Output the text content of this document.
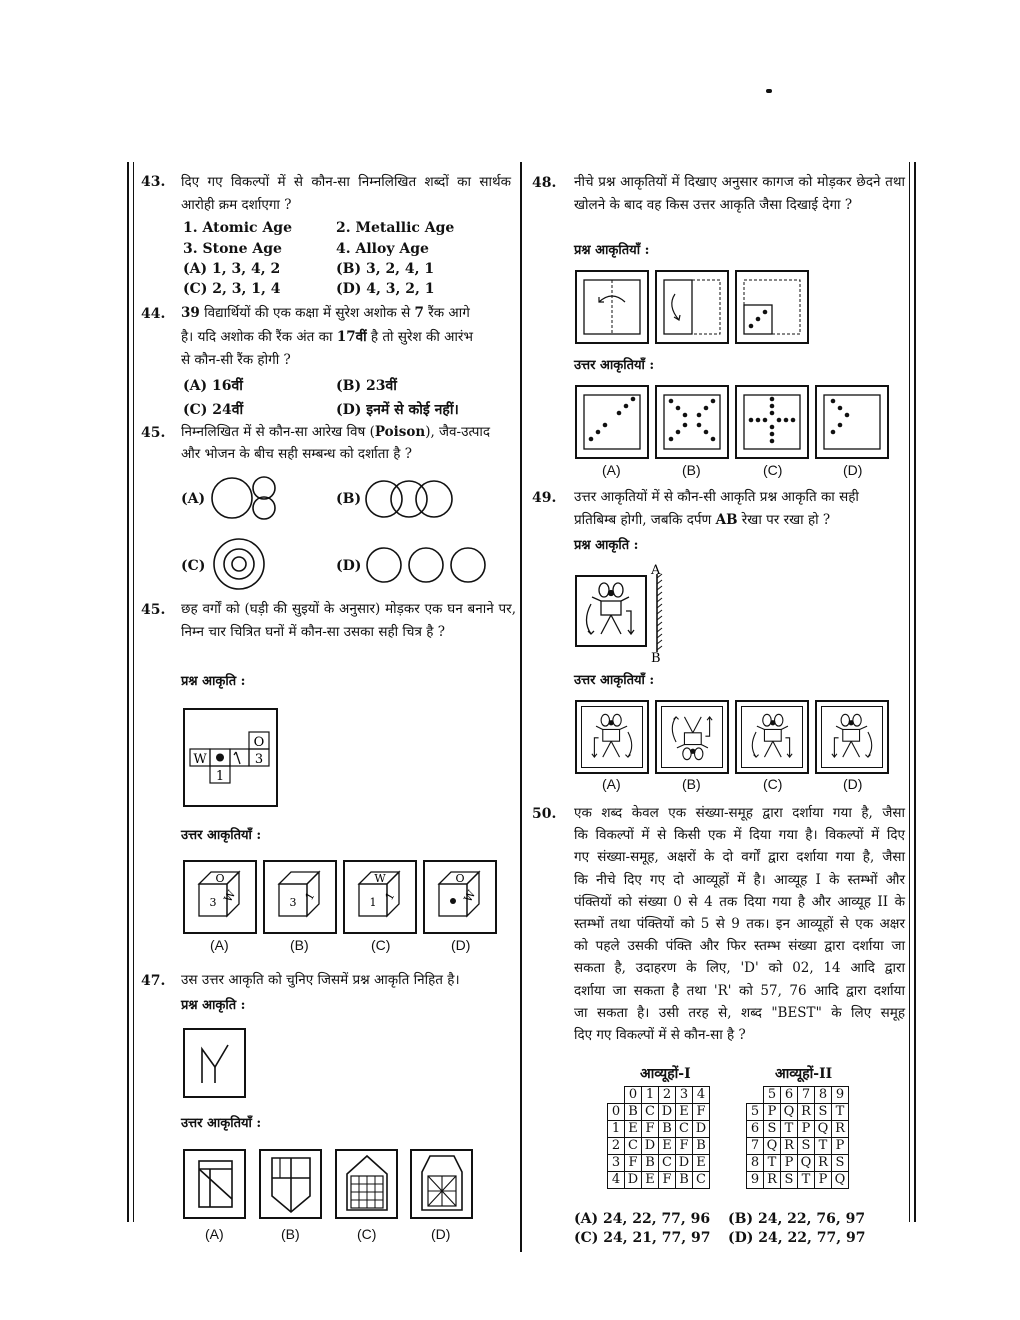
43. दिए गए विकल्पों में से कौन-सा निम्नलिखित शब्दों का सार्थक आरोही क्रम दर्शाएगा ?
1. Atomic Age	2. Metallic Age
3. Stone Age	4. Alloy Age
(A) 1, 3, 4, 2	(B) 3, 2, 4, 1
(C) 2, 3, 1, 4	(D) 4, 3, 2, 1
44. 39 विद्यार्थियों की एक कक्षा में सुरेश अशोक से 7 रैंक आगे
है। यदि अशोक की रैंक अंत का 17वीं है तो सुरेश की आरंभ
से कौन-सी रैंक होगी ?
(A) 16वीं	(B) 23वीं
(C) 24वीं	(D) इनमें से कोई नहीं।
45. निम्नलिखित में से कौन-सा आरेख विष (Poison), जैव-उत्पाद
और भोजन के बीच सही सम्बन्ध को दर्शाता है ?
(A)	(B)
(C)	(D)
45. छह वर्गों को (घड़ी की सुइयों के अनुसार) मोड़कर एक घन बनाने पर, निम्न चार चित्रित घनों में कौन-सा उसका सही चित्र है ?
प्रश्न आकृति :
O
W	3
1
उत्तर आकृतियाँ :
O
3 W	3 1
W
1 1
O
W
(A)	(B)	(C)	(D)
47. उस उत्तर आकृति को चुनिए जिसमें प्रश्न आकृति निहित है।
प्रश्न आकृति :
उत्तर आकृतियाँ :
(A)	(B)	(C)	(D)
48. नीचे प्रश्न आकृतियों में दिखाए अनुसार कागज को मोड़कर छेदने तथा खोलने के बाद वह किस उत्तर आकृति जैसा दिखाई देगा ?
प्रश्न आकृतियाँ :
उत्तर आकृतियाँ :
(A)	(B)	(C)	(D)
49. उत्तर आकृतियों में से कौन-सी आकृति प्रश्न आकृति का सही
प्रतिबिम्ब होगी, जबकि दर्पण AB रेखा पर रखा हो ?
प्रश्न आकृति :
A
B
उत्तर आकृतियाँ :
(A)	(B)	(C)	(D)
50. एक शब्द केवल एक संख्या-समूह द्वारा दर्शाया गया है, जैसा
कि विकल्पों में से किसी एक में दिया गया है। विकल्पों में दिए
गए संख्या-समूह, अक्षरों के दो वर्गों द्वारा दर्शाया गया है, जैसा
कि नीचे दिए गए दो आव्यूहों में है। आव्यूह I के स्तम्भों और
पंक्तियों को संख्या 0 से 4 तक दिया गया है और आव्यूह II के
स्तम्भों तथा पंक्तियों को 5 से 9 तक। इन आव्यूहों से एक अक्षर
को पहले उसकी पंक्ति और फिर स्तम्भ संख्या द्वारा दर्शाया जा
सकता है, उदाहरण के लिए, 'D' को 02, 14 आदि द्वारा
दर्शाया जा सकता है तथा 'R' को 57, 76 आदि द्वारा दर्शाया
जा सकता है। उसी तरह से, शब्द "BEST" के लिए समूह
दिए गए विकल्पों में से कौन-सा है ?
आव्यूहों-I	आव्यूहों-II
	0	1	2	3	4
0	B	C	D	E	F
1	E	F	B	C	D
2	C	D	E	F	B
3	F	B	C	D	E
4	D	E	F	B	C
	5	6	7	8	9
5	P	Q	R	S	T
6	S	T	P	Q	R
7	Q	R	S	T	P
8	T	P	Q	R	S
9	R	S	T	P	Q
(A) 24, 22, 77, 96 (B) 24, 22, 76, 97
(C) 24, 21, 77, 97 (D) 24, 22, 77, 97
